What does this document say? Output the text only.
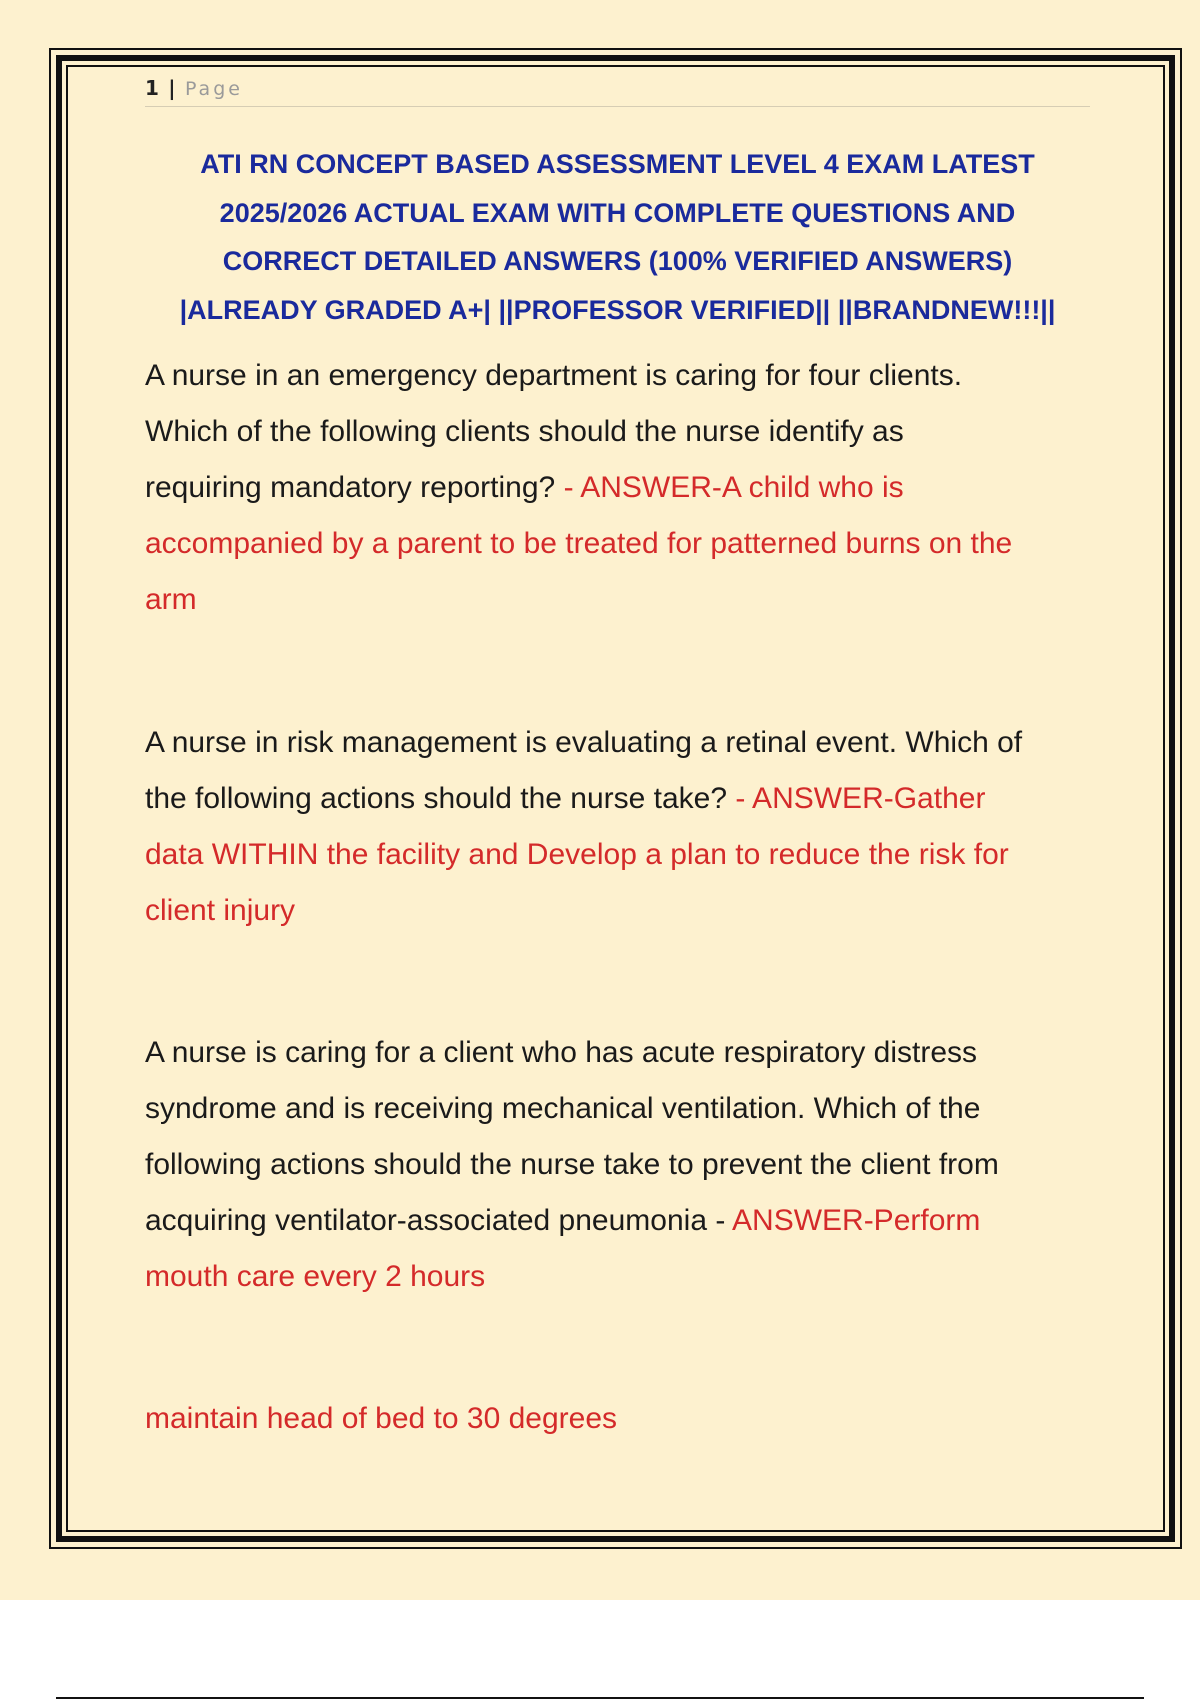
1 | Page
ATI RN CONCEPT BASED ASSESSMENT LEVEL 4 EXAM LATEST
2025/2026 ACTUAL EXAM WITH COMPLETE QUESTIONS AND
CORRECT DETAILED ANSWERS (100% VERIFIED ANSWERS)
|ALREADY GRADED A+| ||PROFESSOR VERIFIED|| ||BRANDNEW!!!||

A nurse in an emergency department is caring for four clients.
Which of the following clients should the nurse identify as
requiring mandatory reporting? - ANSWER-A child who is
accompanied by a parent to be treated for patterned burns on the
arm

A nurse in risk management is evaluating a retinal event. Which of
the following actions should the nurse take? - ANSWER-Gather
data WITHIN the facility and Develop a plan to reduce the risk for
client injury

A nurse is caring for a client who has acute respiratory distress
syndrome and is receiving mechanical ventilation. Which of the
following actions should the nurse take to prevent the client from
acquiring ventilator-associated pneumonia - ANSWER-Perform
mouth care every 2 hours

maintain head of bed to 30 degrees
